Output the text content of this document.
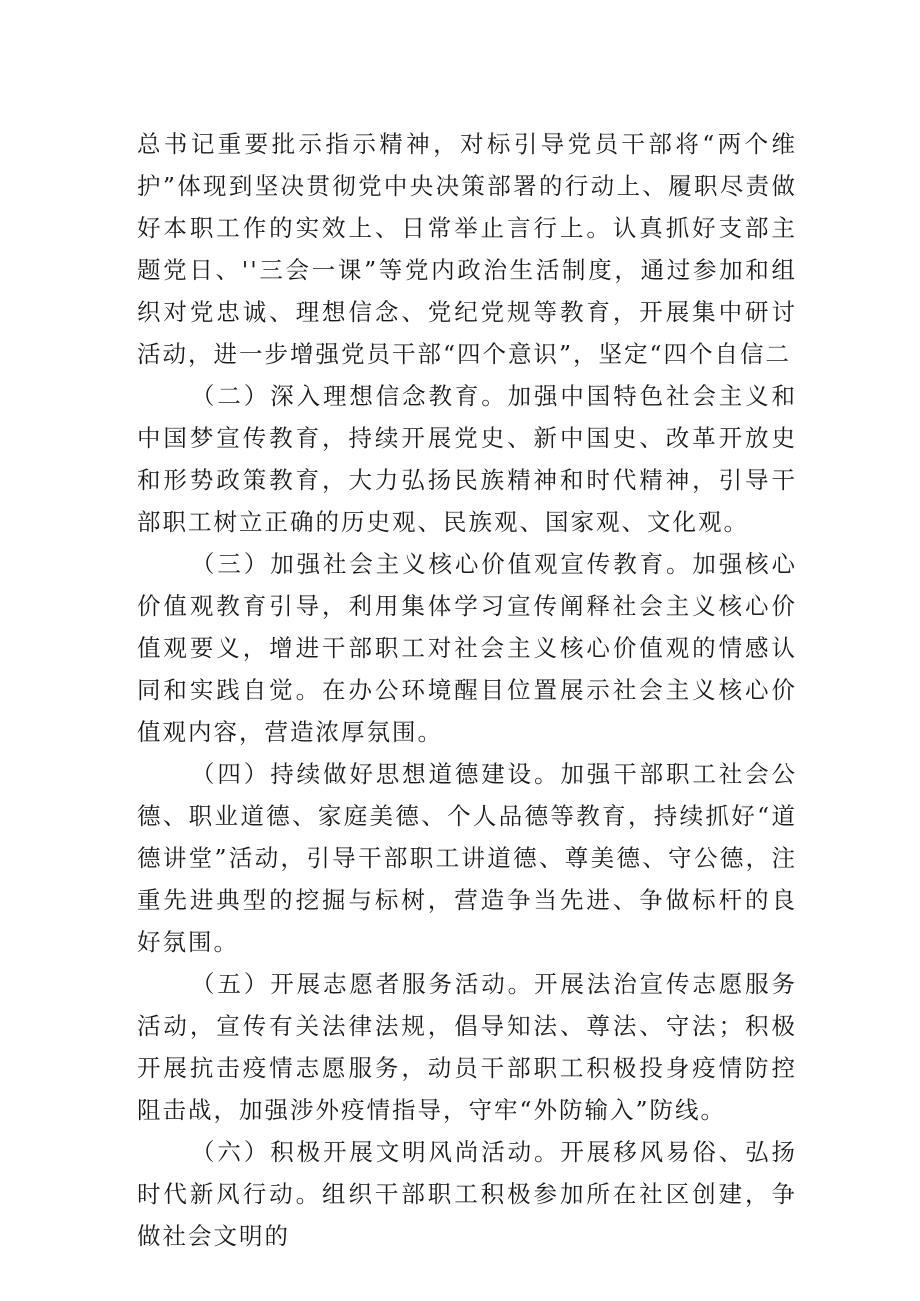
总书记重要批示指示精神，对标引导党员干部将“两个维护”体现到坚决贯彻党中央决策部署的行动上、履职尽责做好本职工作的实效上、日常举止言行上。认真抓好支部主题党日、''三会一课”等党内政治生活制度，通过参加和组织对党忠诚、理想信念、党纪党规等教育，开展集中研讨活动，进一步增强党员干部“四个意识”，坚定“四个自信二

（二）深入理想信念教育。加强中国特色社会主义和中国梦宣传教育，持续开展党史、新中国史、改革开放史和形势政策教育，大力弘扬民族精神和时代精神，引导干部职工树立正确的历史观、民族观、国家观、文化观。

（三）加强社会主义核心价值观宣传教育。加强核心价值观教育引导，利用集体学习宣传阐释社会主义核心价值观要义，增进干部职工对社会主义核心价值观的情感认同和实践自觉。在办公环境醒目位置展示社会主义核心价值观内容，营造浓厚氛围。

（四）持续做好思想道德建设。加强干部职工社会公德、职业道德、家庭美德、个人品德等教育，持续抓好“道德讲堂”活动，引导干部职工讲道德、尊美德、守公德，注重先进典型的挖掘与标树，营造争当先进、争做标杆的良好氛围。

（五）开展志愿者服务活动。开展法治宣传志愿服务活动，宣传有关法律法规，倡导知法、尊法、守法；积极开展抗击疫情志愿服务，动员干部职工积极投身疫情防控阻击战，加强涉外疫情指导，守牢“外防输入”防线。

（六）积极开展文明风尚活动。开展移风易俗、弘扬时代新风行动。组织干部职工积极参加所在社区创建，争做社会文明的
